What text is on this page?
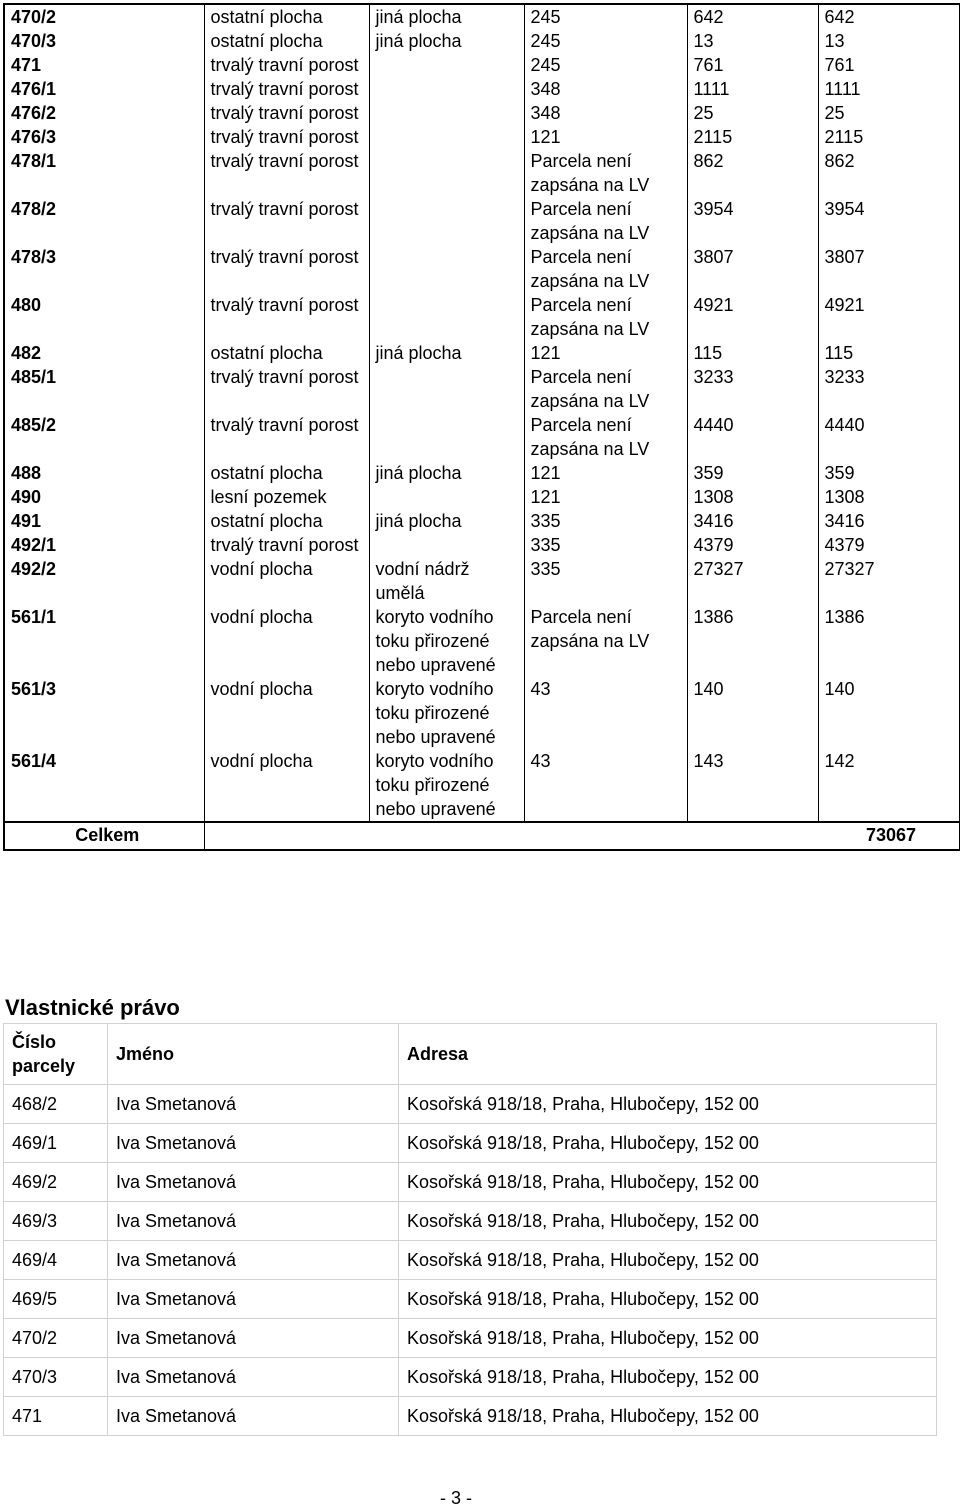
470/2	ostatní plocha	jiná plocha	245	642	642
470/3	ostatní plocha	jiná plocha	245	13	13
471	trvalý travní porost		245	761	761
476/1	trvalý travní porost		348	1111	1111
476/2	trvalý travní porost		348	25	25
476/3	trvalý travní porost		121	2115	2115
478/1	trvalý travní porost		Parcela není zapsána na LV	862	862
478/2	trvalý travní porost		Parcela není zapsána na LV	3954	3954
478/3	trvalý travní porost		Parcela není zapsána na LV	3807	3807
480	trvalý travní porost		Parcela není zapsána na LV	4921	4921
482	ostatní plocha	jiná plocha	121	115	115
485/1	trvalý travní porost		Parcela není zapsána na LV	3233	3233
485/2	trvalý travní porost		Parcela není zapsána na LV	4440	4440
488	ostatní plocha	jiná plocha	121	359	359
490	lesní pozemek		121	1308	1308
491	ostatní plocha	jiná plocha	335	3416	3416
492/1	trvalý travní porost		335	4379	4379
492/2	vodní plocha	vodní nádrž umělá	335	27327	27327
561/1	vodní plocha	koryto vodního toku přirozené nebo upravené	Parcela není zapsána na LV	1386	1386
561/3	vodní plocha	koryto vodního toku přirozené nebo upravené	43	140	140
561/4	vodní plocha	koryto vodního toku přirozené nebo upravené	43	143	142
Celkem	73067				
Vlastnické právo
Číslo parcely	Jméno	Adresa
468/2	Iva Smetanová	Kosořská 918/18, Praha, Hlubočepy, 152 00
469/1	Iva Smetanová	Kosořská 918/18, Praha, Hlubočepy, 152 00
469/2	Iva Smetanová	Kosořská 918/18, Praha, Hlubočepy, 152 00
469/3	Iva Smetanová	Kosořská 918/18, Praha, Hlubočepy, 152 00
469/4	Iva Smetanová	Kosořská 918/18, Praha, Hlubočepy, 152 00
469/5	Iva Smetanová	Kosořská 918/18, Praha, Hlubočepy, 152 00
470/2	Iva Smetanová	Kosořská 918/18, Praha, Hlubočepy, 152 00
470/3	Iva Smetanová	Kosořská 918/18, Praha, Hlubočepy, 152 00
471	Iva Smetanová	Kosořská 918/18, Praha, Hlubočepy, 152 00
- 3 -
